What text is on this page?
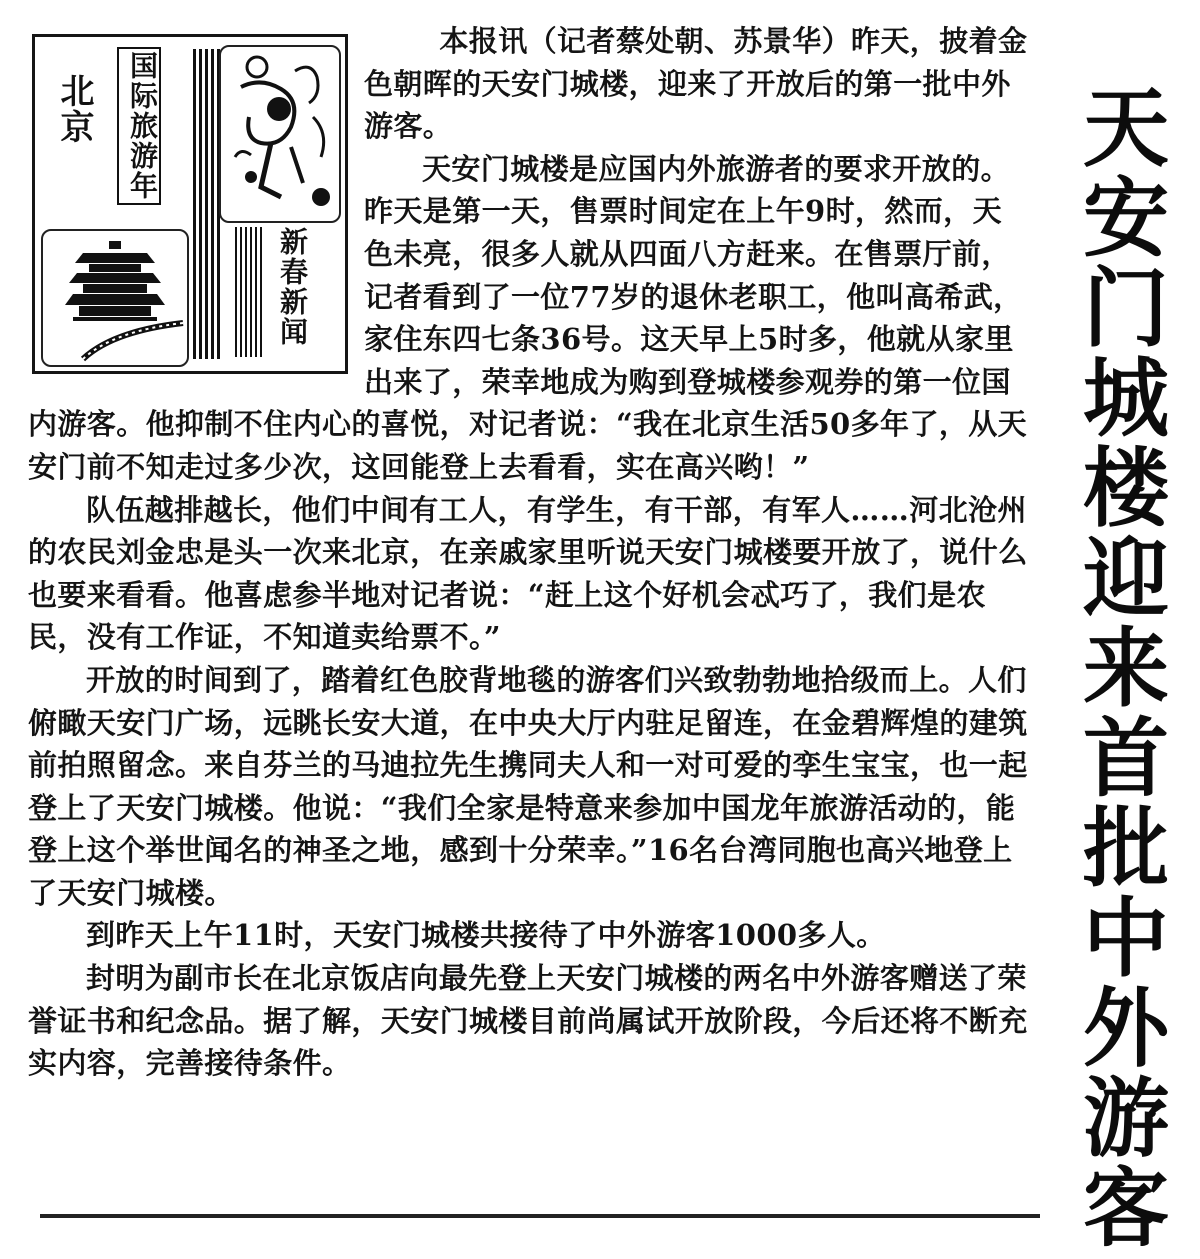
本报讯（记者蔡处朝、苏景华）昨天，披着金色朝晖的天安门城楼，迎来了开放后的第一批中外游客。

天安门城楼是应国内外旅游者的要求开放的。昨天是第一天，售票时间定在上午9时，然而，天色未亮，很多人就从四面八方赶来。在售票厅前，记者看到了一位77岁的退休老职工，他叫高希武，家住东四七条36号。这天早上5时多，他就从家里出来了，荣幸地成为购到登城楼参观券的第一位国内游客。他抑制不住内心的喜悦，对记者说：“我在北京生活50多年了，从天安门前不知走过多少次，这回能登上去看看，实在高兴哟！”

队伍越排越长，他们中间有工人，有学生，有干部，有军人……河北沧州的农民刘金忠是头一次来北京，在亲戚家里听说天安门城楼要开放了，说什么也要来看看。他喜虑参半地对记者说：“赶上这个好机会忒巧了，我们是农民，没有工作证，不知道卖给票不。”

开放的时间到了，踏着红色胶背地毯的游客们兴致勃勃地拾级而上。人们俯瞰天安门广场，远眺长安大道，在中央大厅内驻足留连，在金碧辉煌的建筑前拍照留念。来自芬兰的马迪拉先生携同夫人和一对可爱的孪生宝宝，也一起登上了天安门城楼。他说：“我们全家是特意来参加中国龙年旅游活动的，能登上这个举世闻名的神圣之地，感到十分荣幸。”16名台湾同胞也高兴地登上了天安门城楼。

到昨天上午11时，天安门城楼共接待了中外游客1000多人。

封明为副市长在北京饭店向最先登上天安门城楼的两名中外游客赠送了荣誉证书和纪念品。据了解，天安门城楼目前尚属试开放阶段，今后还将不断充实内容，完善接待条件。

北京	国际旅游年
新春新闻
天
安
门
城
楼
迎
来
首
批
中
外
游
客
